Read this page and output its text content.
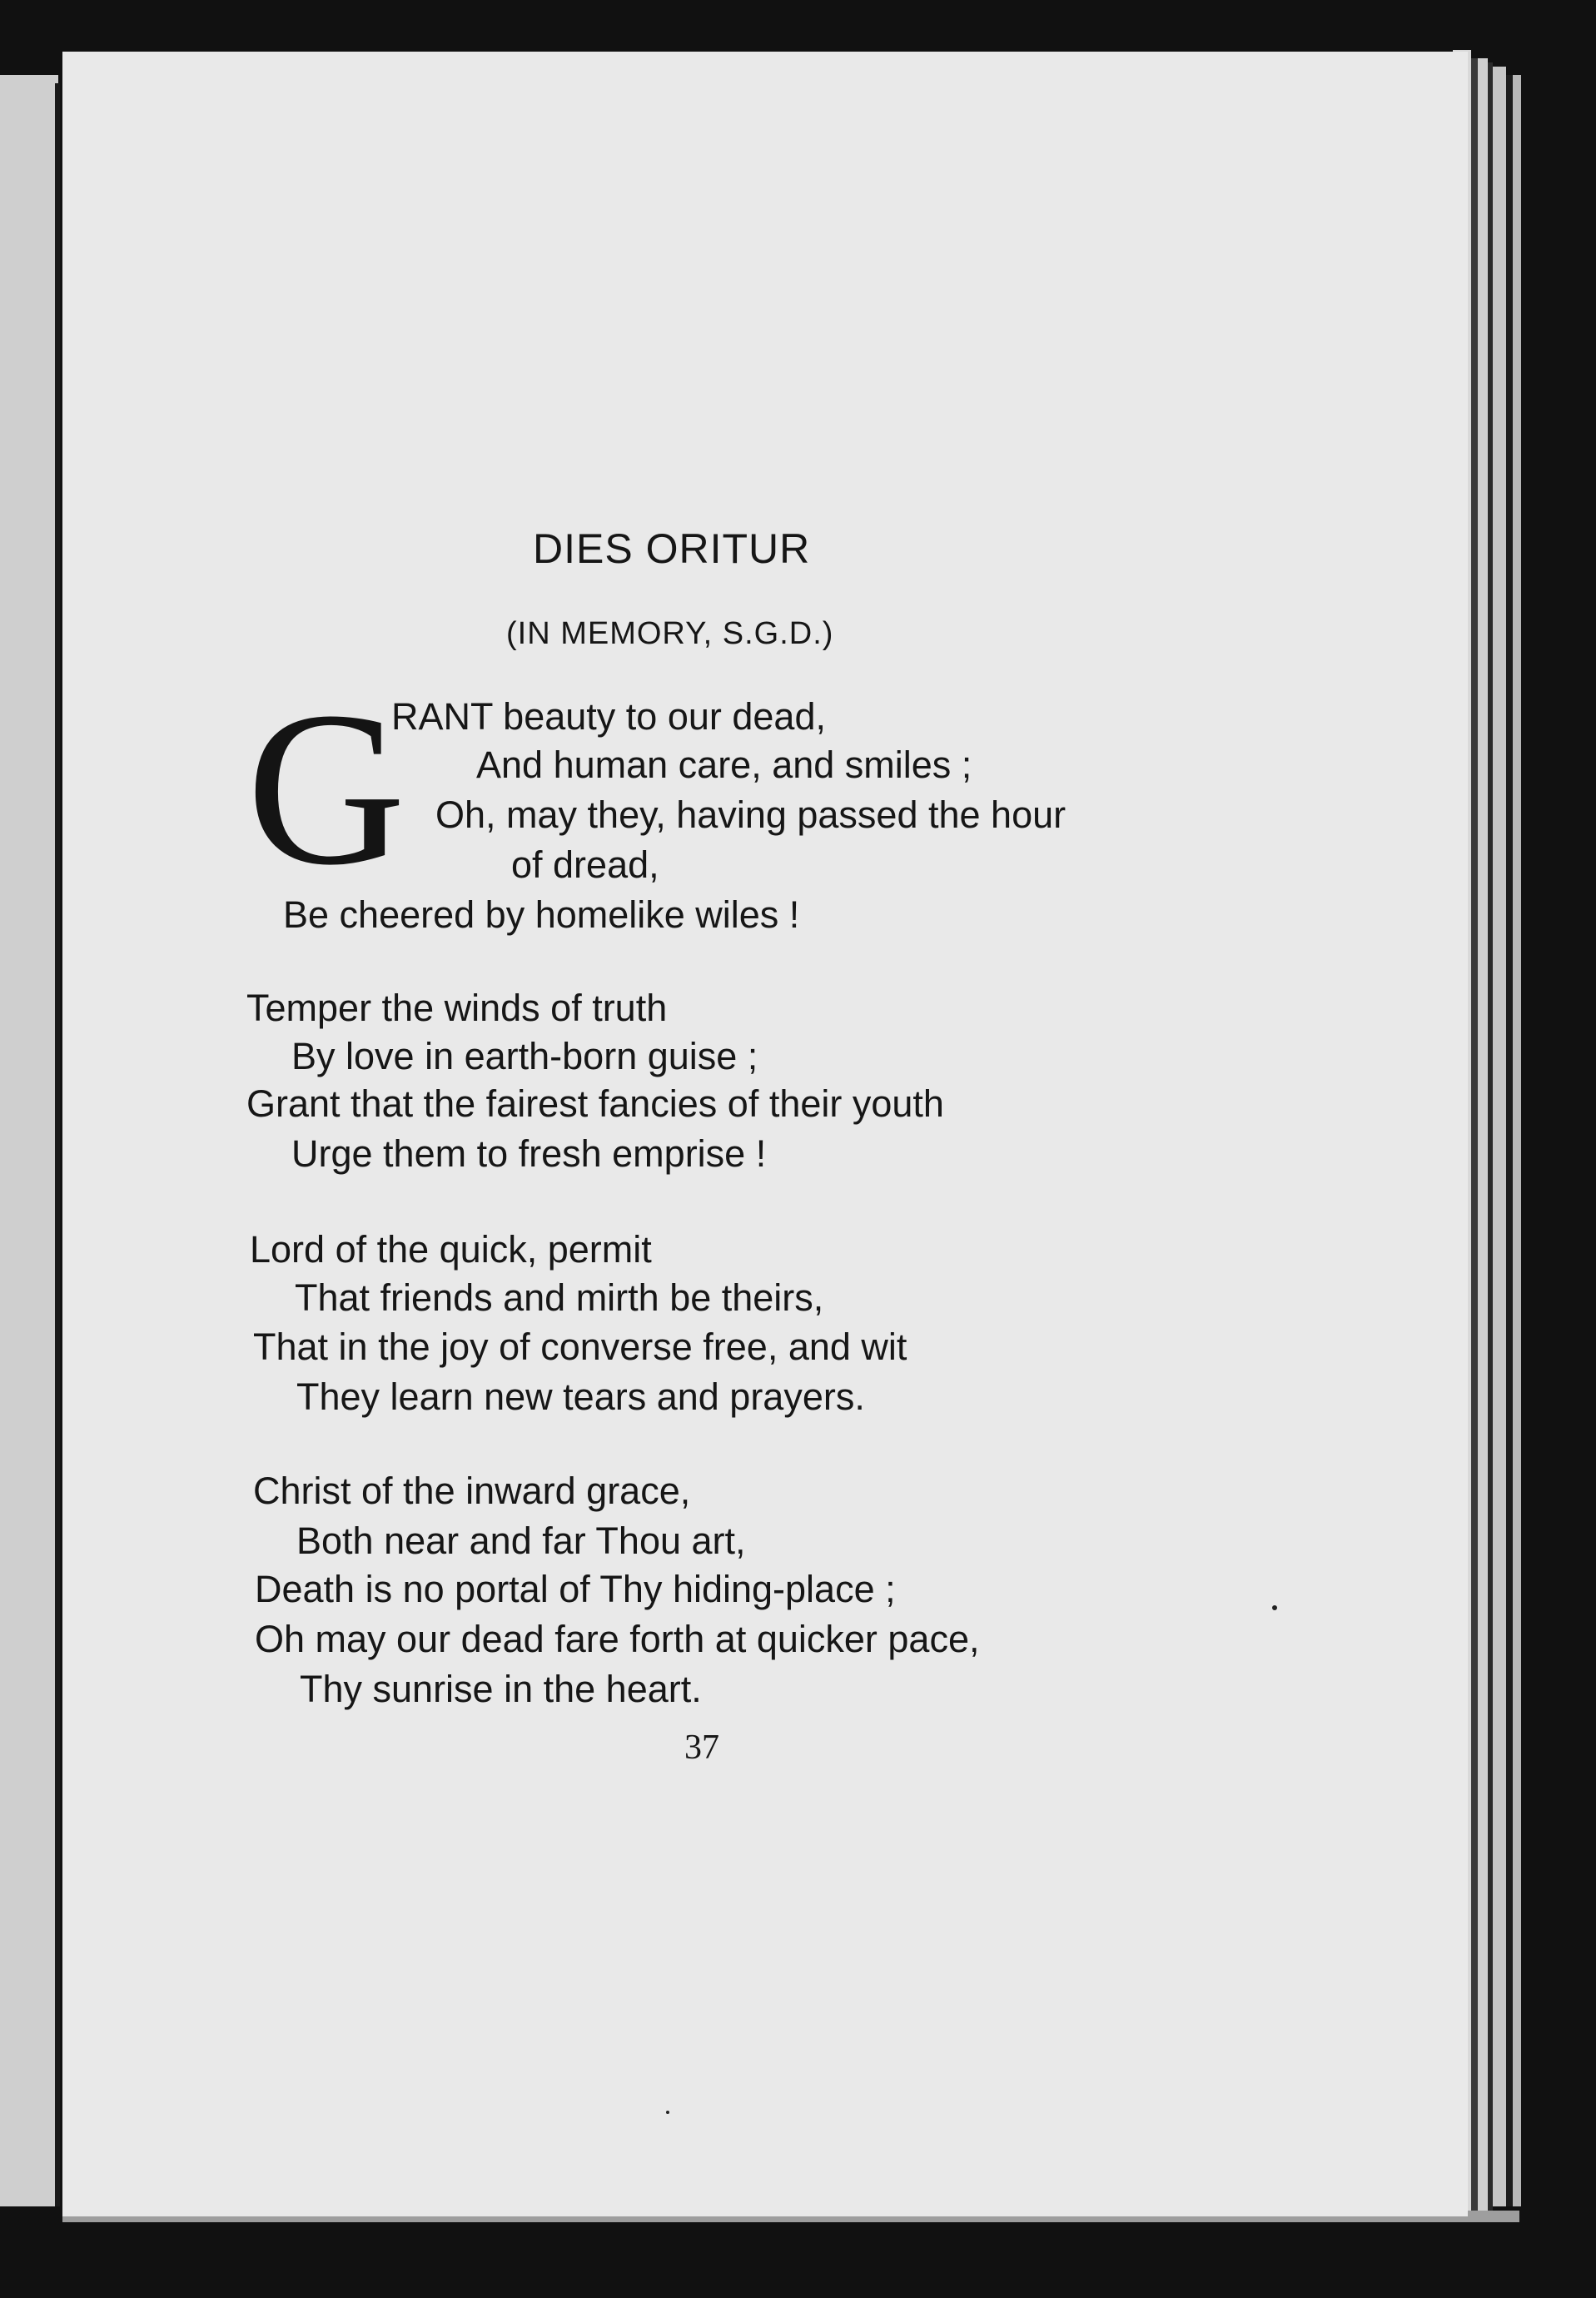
DIES ORITUR
(IN MEMORY, S.G.D.)
G
RANT beauty to our dead,
And human care, and smiles ;
Oh, may they, having passed the hour
of dread,
Be cheered by homelike wiles !
Temper the winds of truth
By love in earth-born guise ;
Grant that the fairest fancies of their youth
Urge them to fresh emprise !
Lord of the quick, permit
That friends and mirth be theirs,
That in the joy of converse free, and wit
They learn new tears and prayers.
Christ of the inward grace,
Both near and far Thou art,
Death is no portal of Thy hiding-place ;
Oh may our dead fare forth at quicker pace,
Thy sunrise in the heart.
37
